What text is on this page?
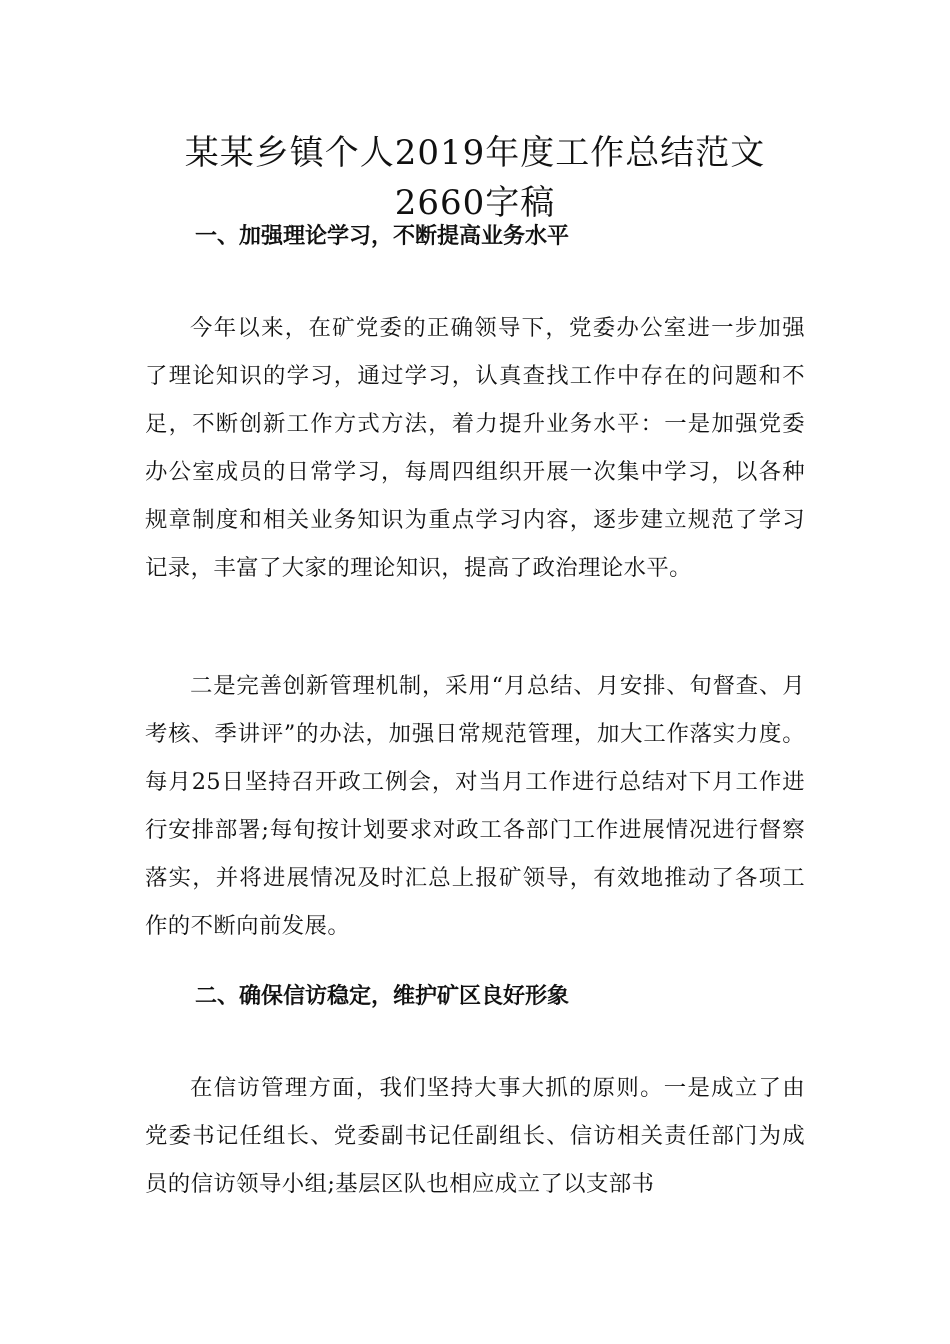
某某乡镇个人2019年度工作总结范文2660字稿
一、加强理论学习，不断提高业务水平

今年以来，在矿党委的正确领导下，党委办公室进一步加强了理论知识的学习，通过学习，认真查找工作中存在的问题和不足，不断创新工作方式方法，着力提升业务水平：一是加强党委办公室成员的日常学习，每周四组织开展一次集中学习，以各种规章制度和相关业务知识为重点学习内容，逐步建立规范了学习记录，丰富了大家的理论知识，提高了政治理论水平。

二是完善创新管理机制，采用“月总结、月安排、旬督查、月考核、季讲评”的办法，加强日常规范管理，加大工作落实力度。每月25日坚持召开政工例会，对当月工作进行总结对下月工作进行安排部署;每旬按计划要求对政工各部门工作进展情况进行督察落实，并将进展情况及时汇总上报矿领导，有效地推动了各项工作的不断向前发展。

二、确保信访稳定，维护矿区良好形象

在信访管理方面，我们坚持大事大抓的原则。一是成立了由党委书记任组长、党委副书记任副组长、信访相关责任部门为成员的信访领导小组;基层区队也相应成立了以支部书
